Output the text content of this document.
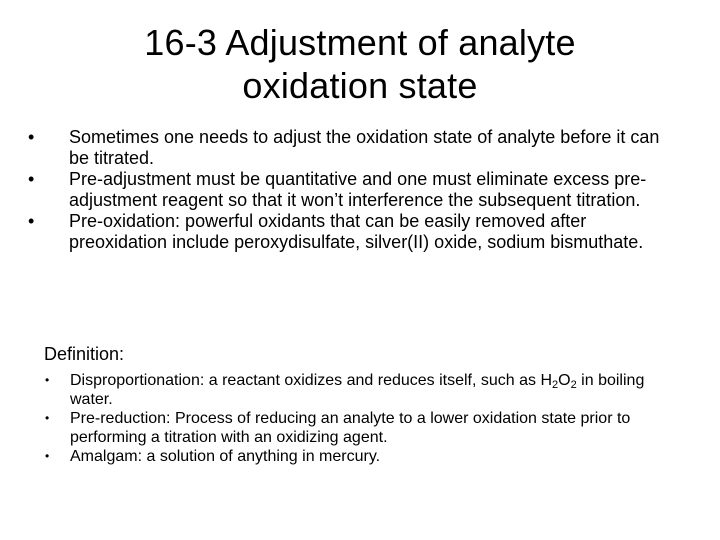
16-3 Adjustment of analyte
oxidation state
• Sometimes one needs to adjust the oxidation state of analyte before it can be titrated.
• Pre-adjustment must be quantitative and one must eliminate excess pre-adjustment reagent so that it won’t interference the subsequent titration.
• Pre-oxidation: powerful oxidants that can be easily removed after preoxidation include peroxydisulfate, silver(II) oxide, sodium bismuthate.

Definition:

•	Disproportionation: a reactant oxidizes and reduces itself, such as $H_2O_2$ in boiling water.
•	Pre-reduction: Process of reducing an analyte to a lower oxidation state prior to performing a titration with an oxidizing agent.
•	Amalgam: a solution of anything in mercury.
